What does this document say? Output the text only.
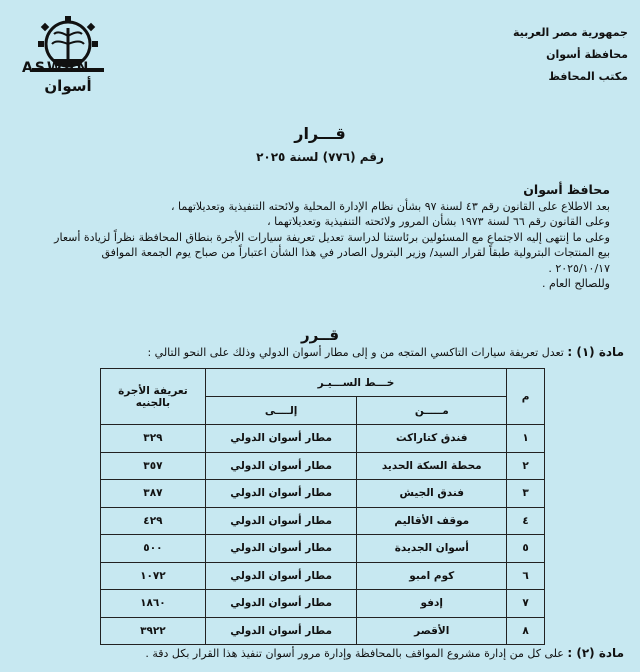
ASWAN
أسوان
جمهورية مصر العربية
محافظة أسوان
مكتب المحافظ
قـــرار
رقم (٧٧٦) لسنة ٢٠٢٥
محافظ أسوان

بعد الاطلاع على القانون رقم ٤٣ لسنة ٩٧ بشأن نظام الإدارة المحلية ولائحته التنفيذية وتعديلاتهما ،

وعلى القانون رقم ٦٦ لسنة ١٩٧٣ بشأن المرور ولائحته التنفيذية وتعديلاتهما ،

وعلى ما إنتهى إليه الاجتماع مع المسئولين برئاستنا لدراسة تعديل تعريفة سيارات الأجرة بنطاق المحافظة نظراً لزيادة أسعار بيع المنتجات البترولية طبقاً لقرار السيد/ وزير البترول الصادر في هذا الشأن اعتباراً من صباح يوم الجمعة الموافق ٢٠٢٥/١٠/١٧ .

وللصالح العام .

قــرر
مادة (١) : تعدل تعريفة سيارات التاكسي المتجه من و إلى مطار أسوان الدولي وذلك على النحو التالي :
م	خـــط الســـيـر		تعريفة الأجرة بالجنيه
	مـــــن	إلــــى	
١	فندق كتاراكت	مطار أسوان الدولي	٣٢٩
٢	محطة السكة الحديد	مطار أسوان الدولي	٣٥٧
٣	فندق الجيش	مطار أسوان الدولي	٣٨٧
٤	موقف الأقاليم	مطار أسوان الدولي	٤٢٩
٥	أسوان الجديدة	مطار أسوان الدولي	٥٠٠
٦	كوم امبو	مطار أسوان الدولي	١٠٧٢
٧	إدفو	مطار أسوان الدولي	١٨٦٠
٨	الأقصر	مطار أسوان الدولي	٣٩٢٢
مادة (٢) : على كل من إدارة مشروع المواقف بالمحافظة وإدارة مرور أسوان تنفيذ هذا القرار بكل دقة .
